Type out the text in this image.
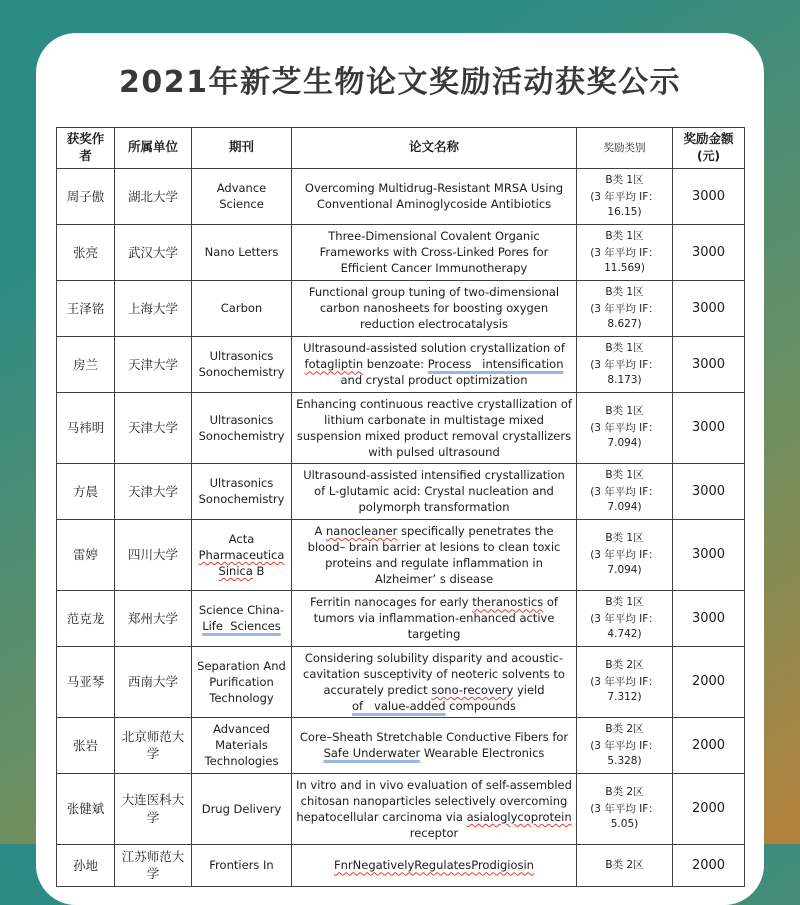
2021年新芝生物论文奖励活动获奖公示
获奖作者	所属单位	期刊	论文名称	奖励类别	奖励金额
(元)

周子傲	湖北大学	Advance Science	Overcoming Multidrug-Resistant MRSA Using Conventional Aminoglycoside Antibiotics	B类 1区
(3 年平均 IF：16.15)	3000
张亮	武汉大学	Nano Letters	Three-Dimensional Covalent Organic Frameworks with Cross-Linked Pores for Efficient Cancer Immunotherapy	B类 1区
(3 年平均 IF：11.569)	3000
王泽铭	上海大学	Carbon	Functional group tuning of two-dimensional carbon nanosheets for boosting oxygen reduction electrocatalysis	B类 1区
(3 年平均 IF：8.627)	3000
房兰	天津大学	Ultrasonics Sonochemistry	Ultrasound-assisted solution crystallization of fotagliptin benzoate: Process   intensification and crystal product optimization	B类 1区
(3 年平均 IF：8.173)	3000
马袆明	天津大学	Ultrasonics Sonochemistry	Enhancing continuous reactive crystallization of lithium carbonate in multistage mixed suspension mixed product removal crystallizers with pulsed ultrasound	B类 1区
(3 年平均 IF：7.094)	3000
方晨	天津大学	Ultrasonics Sonochemistry	Ultrasound-assisted intensified crystallization of L-glutamic acid: Crystal nucleation and polymorph transformation	B类 1区
(3 年平均 IF：7.094)	3000
雷婷	四川大学	Acta Pharmaceutica Sinica B	A nanocleaner specifically penetrates the blood– brain barrier at lesions to clean toxic proteins and regulate inflammation in Alzheimer’ s disease	B类 1区
(3 年平均 IF：7.094)	3000
范克龙	郑州大学	Science China-Life  Sciences	Ferritin nanocages for early theranostics of tumors via inflammation-enhanced active targeting	B类 1区
(3 年平均 IF：4.742)	3000
马亚琴	西南大学	Separation And Purification Technology	Considering solubility disparity and acoustic-cavitation susceptivity of neoteric solvents to accurately predict sono-recovery yield of   value-added compounds	B类 2区
(3 年平均 IF：7.312)	2000
张岩	北京师范大学	Advanced Materials Technologies	Core–Sheath Stretchable Conductive Fibers for Safe Underwater Wearable Electronics	B类 2区
(3 年平均 IF：5.328)	2000
张健斌	大连医科大学	Drug Delivery	In vitro and in vivo evaluation of self-assembled chitosan nanoparticles selectively overcoming hepatocellular carcinoma via asialoglycoprotein receptor	B类 2区
(3 年平均 IF： 5.05)	2000
孙地	江苏师范大学	Frontiers In	FnrNegativelyRegulatesProdigiosin	B类 2区	2000
